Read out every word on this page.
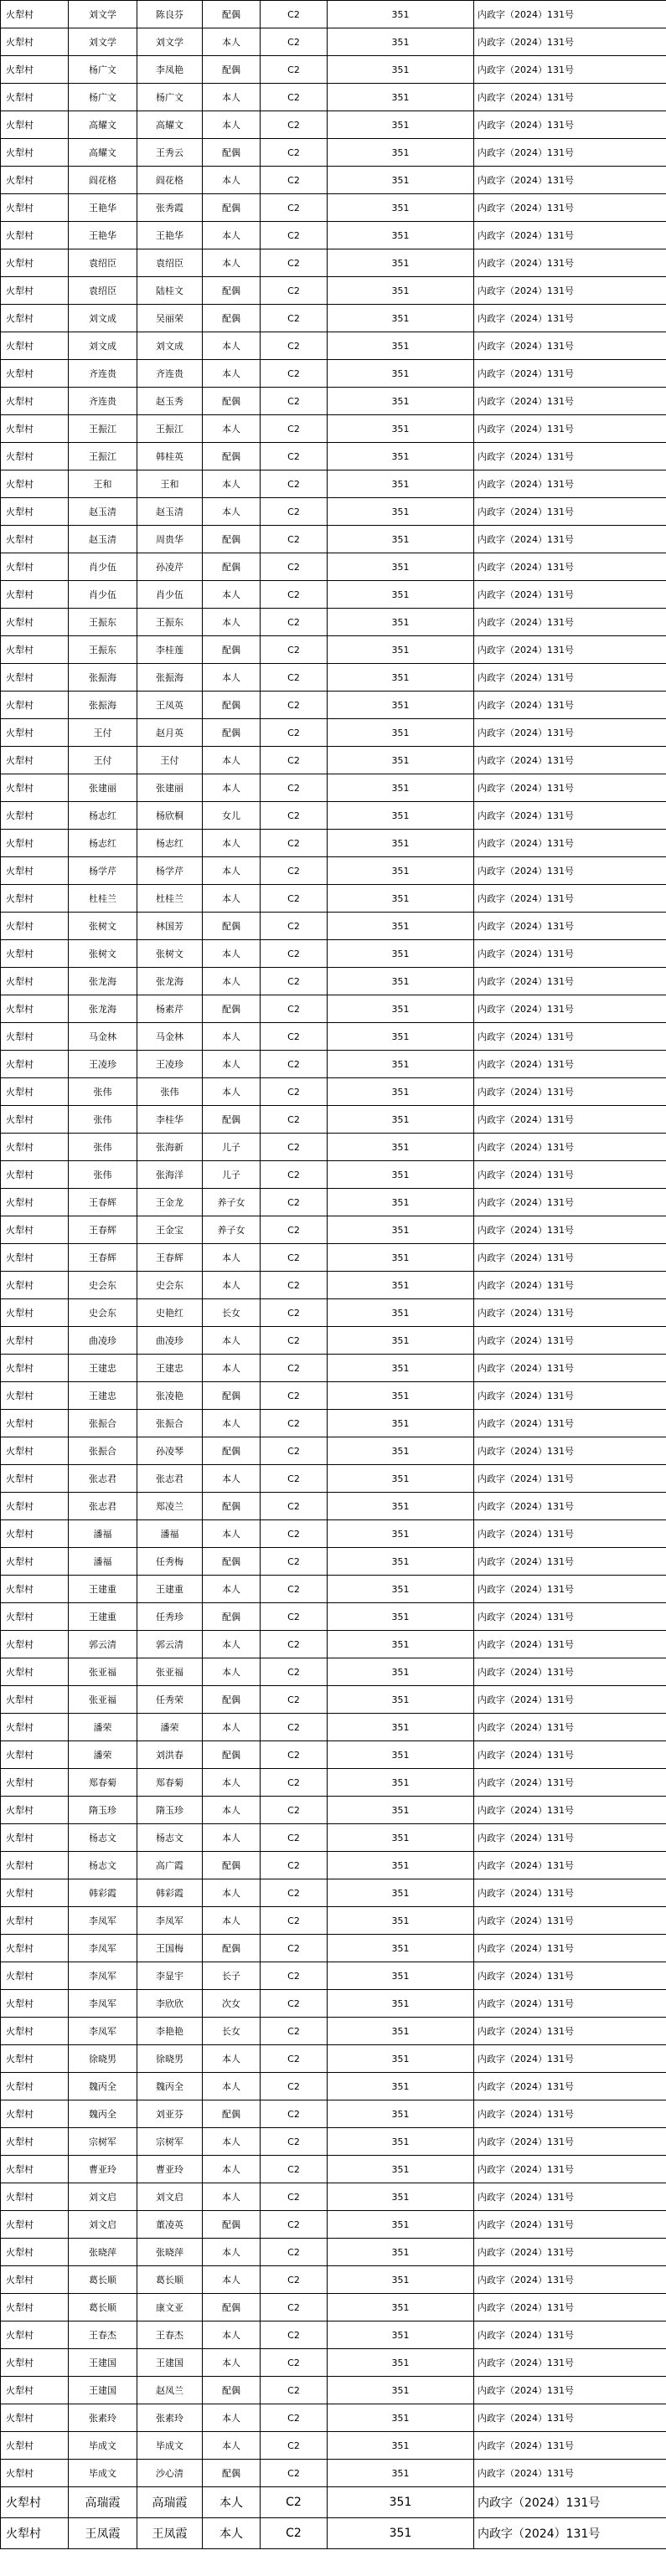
火犁村	刘文学	陈良芬	配偶	C2	351	内政字（2024）131号
火犁村	刘文学	刘文学	本人	C2	351	内政字（2024）131号
火犁村	杨广文	李凤艳	配偶	C2	351	内政字（2024）131号
火犁村	杨广文	杨广文	本人	C2	351	内政字（2024）131号
火犁村	高耀文	高耀文	本人	C2	351	内政字（2024）131号
火犁村	高耀文	王秀云	配偶	C2	351	内政字（2024）131号
火犁村	阎花格	阎花格	本人	C2	351	内政字（2024）131号
火犁村	王艳华	张秀霞	配偶	C2	351	内政字（2024）131号
火犁村	王艳华	王艳华	本人	C2	351	内政字（2024）131号
火犁村	袁绍臣	袁绍臣	本人	C2	351	内政字（2024）131号
火犁村	袁绍臣	陆桂文	配偶	C2	351	内政字（2024）131号
火犁村	刘文成	吴丽荣	配偶	C2	351	内政字（2024）131号
火犁村	刘文成	刘文成	本人	C2	351	内政字（2024）131号
火犁村	齐连贵	齐连贵	本人	C2	351	内政字（2024）131号
火犁村	齐连贵	赵玉秀	配偶	C2	351	内政字（2024）131号
火犁村	王振江	王振江	本人	C2	351	内政字（2024）131号
火犁村	王振江	韩桂英	配偶	C2	351	内政字（2024）131号
火犁村	王和	王和	本人	C2	351	内政字（2024）131号
火犁村	赵玉清	赵玉清	本人	C2	351	内政字（2024）131号
火犁村	赵玉清	周贵华	配偶	C2	351	内政字（2024）131号
火犁村	肖少伍	孙凌芹	配偶	C2	351	内政字（2024）131号
火犁村	肖少伍	肖少伍	本人	C2	351	内政字（2024）131号
火犁村	王振东	王振东	本人	C2	351	内政字（2024）131号
火犁村	王振东	李桂莲	配偶	C2	351	内政字（2024）131号
火犁村	张振海	张振海	本人	C2	351	内政字（2024）131号
火犁村	张振海	王凤英	配偶	C2	351	内政字（2024）131号
火犁村	王付	赵月英	配偶	C2	351	内政字（2024）131号
火犁村	王付	王付	本人	C2	351	内政字（2024）131号
火犁村	张建丽	张建丽	本人	C2	351	内政字（2024）131号
火犁村	杨志红	杨欣桐	女儿	C2	351	内政字（2024）131号
火犁村	杨志红	杨志红	本人	C2	351	内政字（2024）131号
火犁村	杨学芹	杨学芹	本人	C2	351	内政字（2024）131号
火犁村	杜桂兰	杜桂兰	本人	C2	351	内政字（2024）131号
火犁村	张树文	林国芳	配偶	C2	351	内政字（2024）131号
火犁村	张树文	张树文	本人	C2	351	内政字（2024）131号
火犁村	张龙海	张龙海	本人	C2	351	内政字（2024）131号
火犁村	张龙海	杨素芹	配偶	C2	351	内政字（2024）131号
火犁村	马金林	马金林	本人	C2	351	内政字（2024）131号
火犁村	王凌珍	王凌珍	本人	C2	351	内政字（2024）131号
火犁村	张伟	张伟	本人	C2	351	内政字（2024）131号
火犁村	张伟	李桂华	配偶	C2	351	内政字（2024）131号
火犁村	张伟	张海新	儿子	C2	351	内政字（2024）131号
火犁村	张伟	张海洋	儿子	C2	351	内政字（2024）131号
火犁村	王春辉	王金龙	养子女	C2	351	内政字（2024）131号
火犁村	王春辉	王金宝	养子女	C2	351	内政字（2024）131号
火犁村	王春辉	王春辉	本人	C2	351	内政字（2024）131号
火犁村	史会东	史会东	本人	C2	351	内政字（2024）131号
火犁村	史会东	史艳红	长女	C2	351	内政字（2024）131号
火犁村	曲凌珍	曲凌珍	本人	C2	351	内政字（2024）131号
火犁村	王建忠	王建忠	本人	C2	351	内政字（2024）131号
火犁村	王建忠	张凌艳	配偶	C2	351	内政字（2024）131号
火犁村	张振合	张振合	本人	C2	351	内政字（2024）131号
火犁村	张振合	孙凌琴	配偶	C2	351	内政字（2024）131号
火犁村	张志君	张志君	本人	C2	351	内政字（2024）131号
火犁村	张志君	郑凌兰	配偶	C2	351	内政字（2024）131号
火犁村	潘福	潘福	本人	C2	351	内政字（2024）131号
火犁村	潘福	任秀梅	配偶	C2	351	内政字（2024）131号
火犁村	王建重	王建重	本人	C2	351	内政字（2024）131号
火犁村	王建重	任秀珍	配偶	C2	351	内政字（2024）131号
火犁村	郭云清	郭云清	本人	C2	351	内政字（2024）131号
火犁村	张亚福	张亚福	本人	C2	351	内政字（2024）131号
火犁村	张亚福	任秀荣	配偶	C2	351	内政字（2024）131号
火犁村	潘荣	潘荣	本人	C2	351	内政字（2024）131号
火犁村	潘荣	刘洪春	配偶	C2	351	内政字（2024）131号
火犁村	郑春菊	郑春菊	本人	C2	351	内政字（2024）131号
火犁村	隋玉珍	隋玉珍	本人	C2	351	内政字（2024）131号
火犁村	杨志文	杨志文	本人	C2	351	内政字（2024）131号
火犁村	杨志文	高广霞	配偶	C2	351	内政字（2024）131号
火犁村	韩彩霞	韩彩霞	本人	C2	351	内政字（2024）131号
火犁村	李凤军	李凤军	本人	C2	351	内政字（2024）131号
火犁村	李凤军	王国梅	配偶	C2	351	内政字（2024）131号
火犁村	李凤军	李显宇	长子	C2	351	内政字（2024）131号
火犁村	李凤军	李欣欣	次女	C2	351	内政字（2024）131号
火犁村	李凤军	李艳艳	长女	C2	351	内政字（2024）131号
火犁村	徐晓男	徐晓男	本人	C2	351	内政字（2024）131号
火犁村	魏丙全	魏丙全	本人	C2	351	内政字（2024）131号
火犁村	魏丙全	刘亚芬	配偶	C2	351	内政字（2024）131号
火犁村	宗树军	宗树军	本人	C2	351	内政字（2024）131号
火犁村	曹亚玲	曹亚玲	本人	C2	351	内政字（2024）131号
火犁村	刘文启	刘文启	本人	C2	351	内政字（2024）131号
火犁村	刘文启	董凌英	配偶	C2	351	内政字（2024）131号
火犁村	张晓萍	张晓萍	本人	C2	351	内政字（2024）131号
火犁村	葛长顺	葛长顺	本人	C2	351	内政字（2024）131号
火犁村	葛长顺	康文亚	配偶	C2	351	内政字（2024）131号
火犁村	王春杰	王春杰	本人	C2	351	内政字（2024）131号
火犁村	王建国	王建国	本人	C2	351	内政字（2024）131号
火犁村	王建国	赵凤兰	配偶	C2	351	内政字（2024）131号
火犁村	张素玲	张素玲	本人	C2	351	内政字（2024）131号
火犁村	毕成文	毕成文	本人	C2	351	内政字（2024）131号
火犁村	毕成文	沙心清	配偶	C2	351	内政字（2024）131号
火犁村	高瑞霞	高瑞霞	本人	C2	351	内政字（2024）131号
火犁村	王凤霞	王凤霞	本人	C2	351	内政字（2024）131号
